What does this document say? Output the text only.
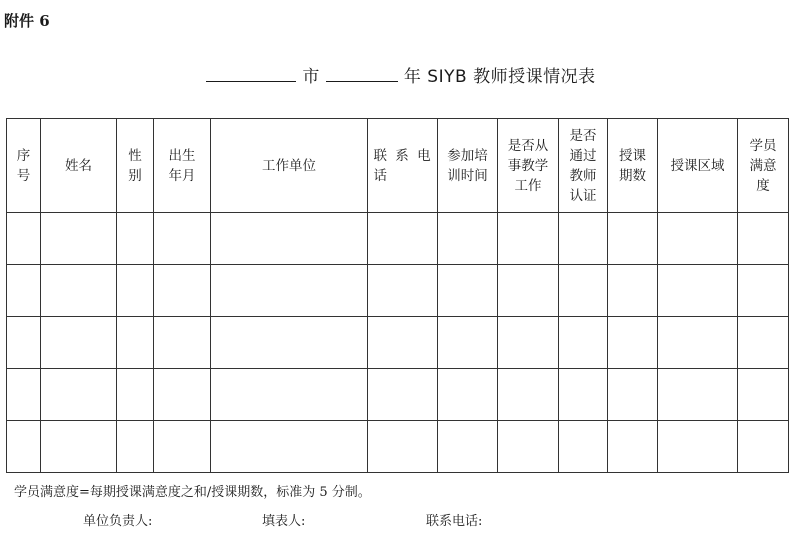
附件 6
市	年 SIYB 教师授课情况表
序号	姓名	性别	出生年月	工作单位	联 系 电话	参加培训时间	是否从事教学工作	是否通过教师认证	授课期数	授课区域	学员满意度

学员满意度=每期授课满意度之和/授课期数，标准为 5 分制。
单位负责人:	填表人:	联系电话:
